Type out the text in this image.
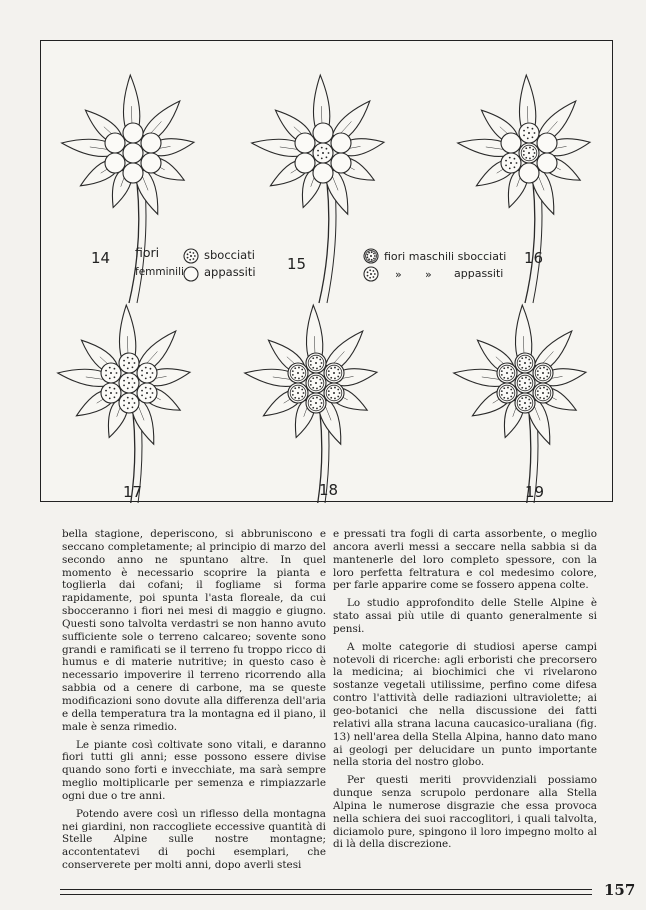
14	15	16
17	18	19
fiori
femminili
sbocciati
appassiti
fiori maschili sbocciati
» » appassiti

bella stagione, deperiscono, si abbruniscono e seccano completamente; al principio di marzo del secondo anno ne spuntano altre. In quel momento è necessario scoprire la pianta e toglierla dai cofani; il fogliame si forma rapidamente, poi spunta l'asta floreale, da cui sbocceranno i fiori nei mesi di maggio e giugno. Questi sono talvolta verdastri se non hanno avuto sufficiente sole o terreno calcareo; sovente sono grandi e ramificati se il terreno fu troppo ricco di humus e di materie nutritive; in questo caso è necessario impoverire il terreno ricorrendo alla sabbia od a cenere di carbone, ma se queste modificazioni sono dovute alla differenza dell'aria e della temperatura tra la montagna ed il piano, il male è senza rimedio.

Le piante così coltivate sono vitali, e daranno fiori tutti gli anni; esse possono essere divise quando sono forti e invecchiate, ma sarà sempre meglio moltiplicarle per semenza e rimpiazzarle ogni due o tre anni.

Potendo avere così un riflesso della montagna nei giardini, non raccogliete eccessive quantità di Stelle Alpine sulle nostre montagne; accontentatevi di pochi esemplari, che conserverete per molti anni, dopo averli stesi

e pressati tra fogli di carta assorbente, o meglio ancora averli messi a seccare nella sabbia si da mantenerle del loro completo spessore, con la loro perfetta feltratura e col medesimo colore, per farle apparire come se fossero appena colte.

Lo studio approfondito delle Stelle Alpine è stato assai più utile di quanto generalmente si pensi.

A molte categorie di studiosi aperse campi notevoli di ricerche: agli erboristi che precorsero la medicina; ai biochimici che vi rivelarono sostanze vegetali utilissime, perfino come difesa contro l'attività delle radiazioni ultraviolette; ai geo-botanici che nella discussione dei fatti relativi alla strana lacuna caucasico-uraliana (fig. 13) nell'area della Stella Alpina, hanno dato mano ai geologi per delucidare un punto importante nella storia del nostro globo.

Per questi meriti provvidenziali possiamo dunque senza scrupolo perdonare alla Stella Alpina le numerose disgrazie che essa provoca nella schiera dei suoi raccoglitori, i quali talvolta, diciamolo pure, spingono il loro impegno molto al di là della discrezione.

157
